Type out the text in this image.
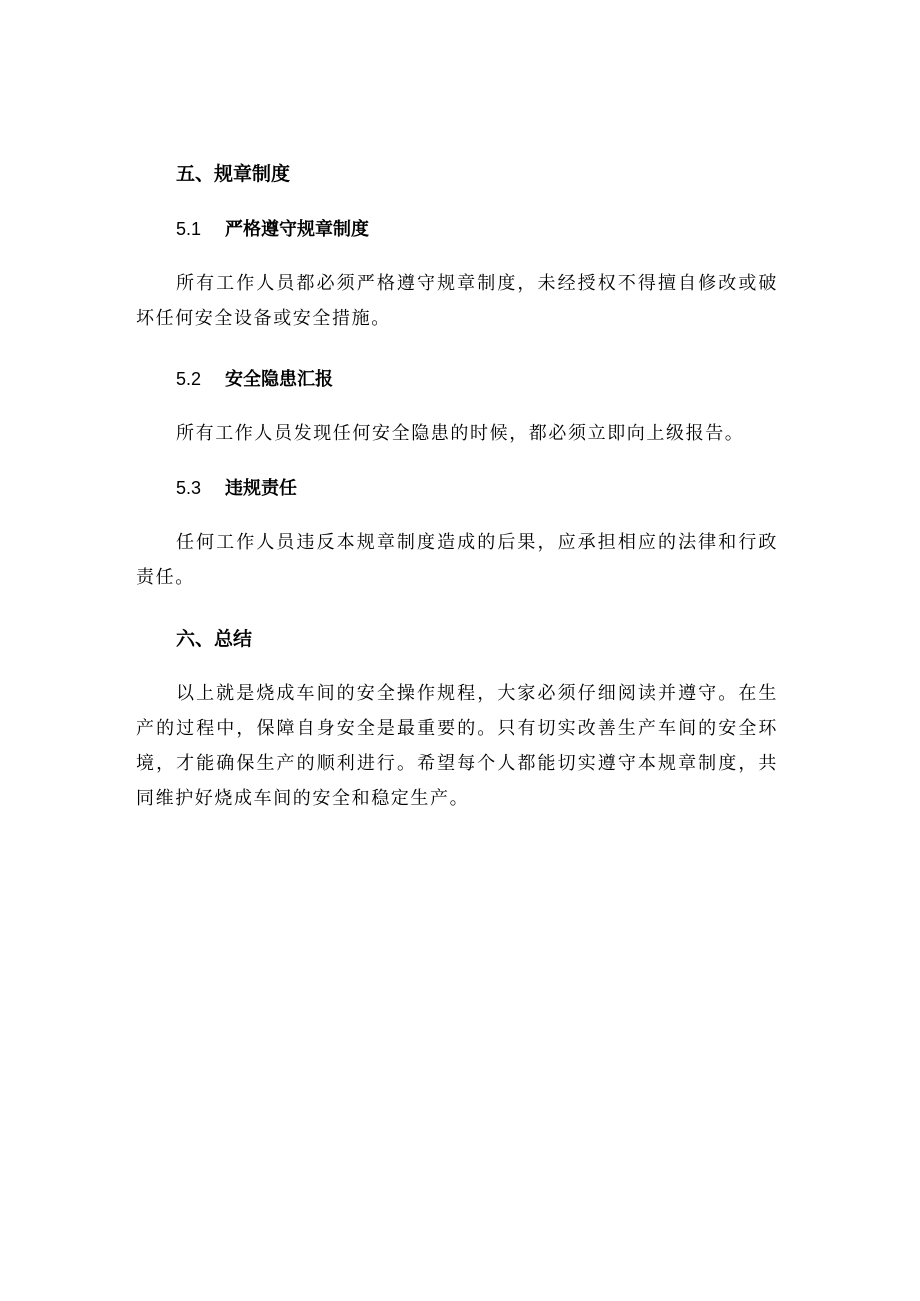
五、规章制度
5.1 严格遵守规章制度

所有工作人员都必须严格遵守规章制度，未经授权不得擅自修改或破坏任何安全设备或安全措施。

5.2 安全隐患汇报

所有工作人员发现任何安全隐患的时候，都必须立即向上级报告。

5.3 违规责任

任何工作人员违反本规章制度造成的后果，应承担相应的法律和行政责任。

六、总结

以上就是烧成车间的安全操作规程，大家必须仔细阅读并遵守。在生产的过程中，保障自身安全是最重要的。只有切实改善生产车间的安全环境，才能确保生产的顺利进行。希望每个人都能切实遵守本规章制度，共同维护好烧成车间的安全和稳定生产。
